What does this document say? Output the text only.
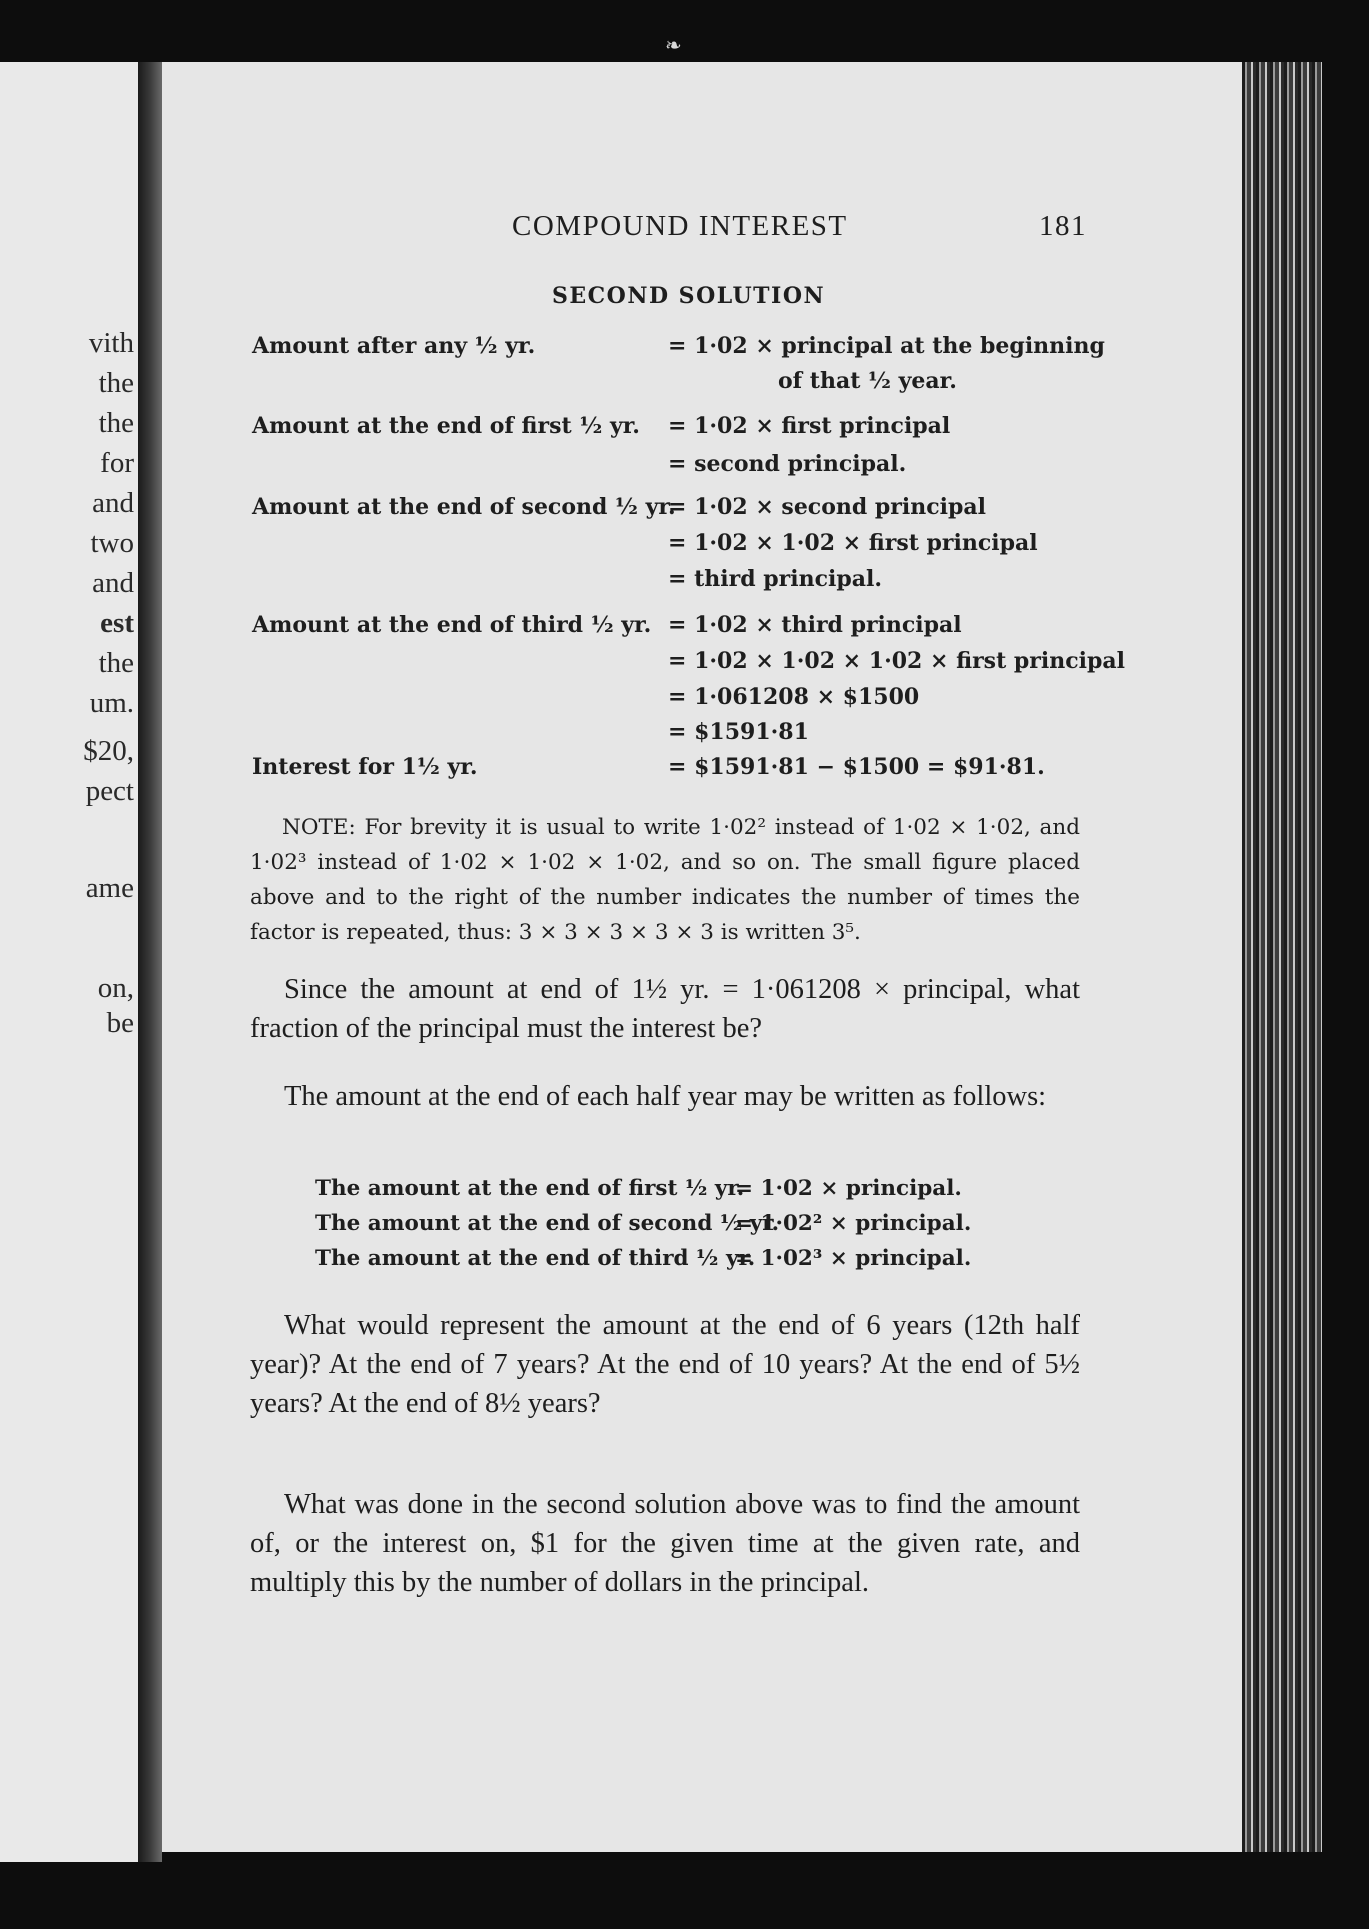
vith
the
the
for
and
two
and
est
the
um.
$20,
pect
ame
on,
be
❧
COMPOUND INTEREST	181
SECOND SOLUTION
Amount after any ½ yr.	= 1·02 × principal at the beginning
of that ½ year.
Amount at the end of first ½ yr. = 1·02 × first principal
= second principal.
Amount at the end of second ½ yr.
= 1·02 × second principal
= 1·02 × 1·02 × first principal
= third principal.
Amount at the end of third ½ yr. = 1·02 × third principal
= 1·02 × 1·02 × 1·02 × first principal
= 1·061208 × $1500
= $1591·81
Interest for 1½ yr.	= $1591·81 − $1500 = $91·81.

NOTE: For brevity it is usual to write 1·02² instead of 1·02 × 1·02, and 1·02³ instead of 1·02 × 1·02 × 1·02, and so on. The small figure placed above and to the right of the number indicates the number of times the factor is repeated, thus: 3 × 3 × 3 × 3 × 3 is written 3⁵.

Since the amount at end of 1½ yr. = 1·061208 × principal, what fraction of the principal must the interest be?

The amount at the end of each half year may be written as follows:

The amount at the end of first ½ yr.= 1·02 × principal.
The amount at the end of second ½ yr.= 1·02² × principal.
The amount at the end of third ½ yr.= 1·02³ × principal.

What would represent the amount at the end of 6 years (12th half year)? At the end of 7 years? At the end of 10 years? At the end of 5½ years? At the end of 8½ years?

What was done in the second solution above was to find the amount of, or the interest on, $1 for the given time at the given rate, and multiply this by the number of dollars in the principal.
